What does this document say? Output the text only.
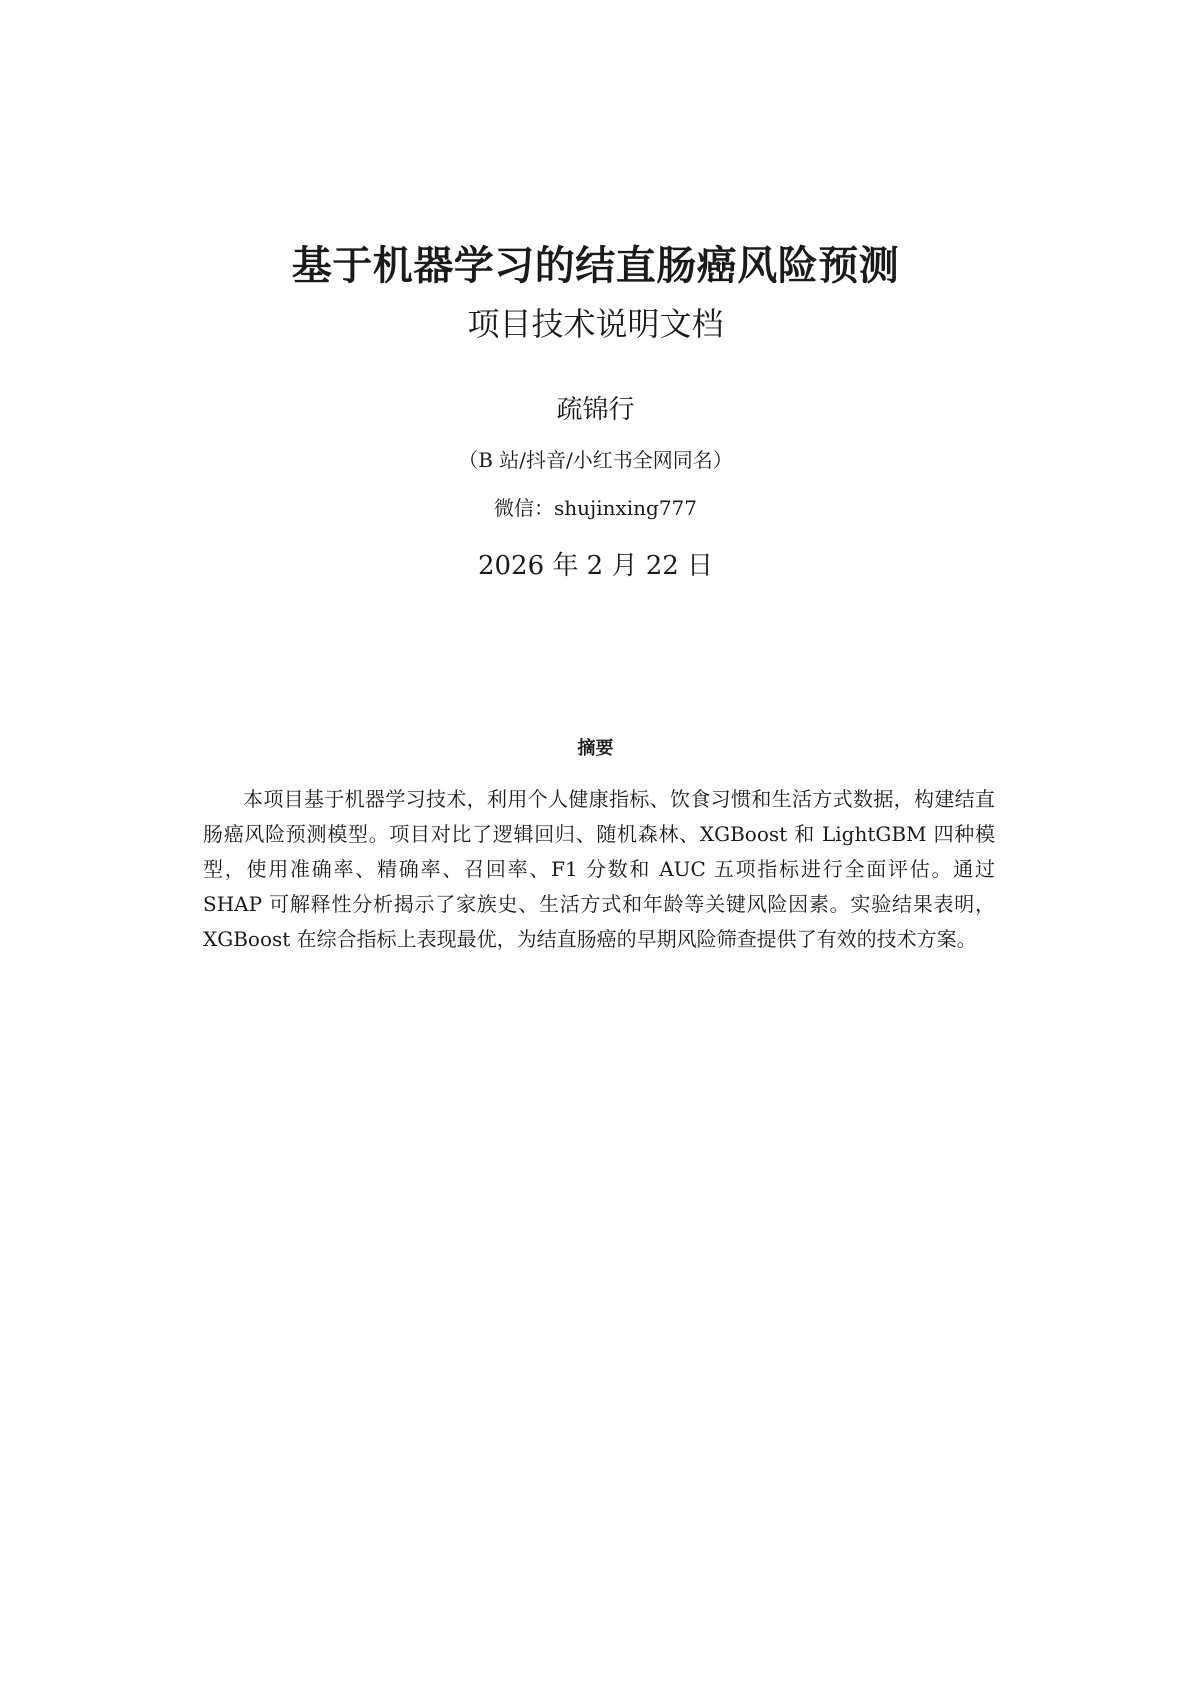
基于机器学习的结直肠癌风险预测
项目技术说明文档
疏锦行
（B 站/抖音/小红书全网同名）
微信：shujinxing777
2026 年 2 月 22 日
摘要

本项目基于机器学习技术，利用个人健康指标、饮食习惯和生活方式数据，构建结直肠癌风险预测模型。项目对比了逻辑回归、随机森林、XGBoost 和 LightGBM 四种模型，使用准确率、精确率、召回率、F1 分数和 AUC 五项指标进行全面评估。通过 SHAP 可解释性分析揭示了家族史、生活方式和年龄等关键风险因素。实验结果表明，XGBoost 在综合指标上表现最优，为结直肠癌的早期风险筛查提供了有效的技术方案。
